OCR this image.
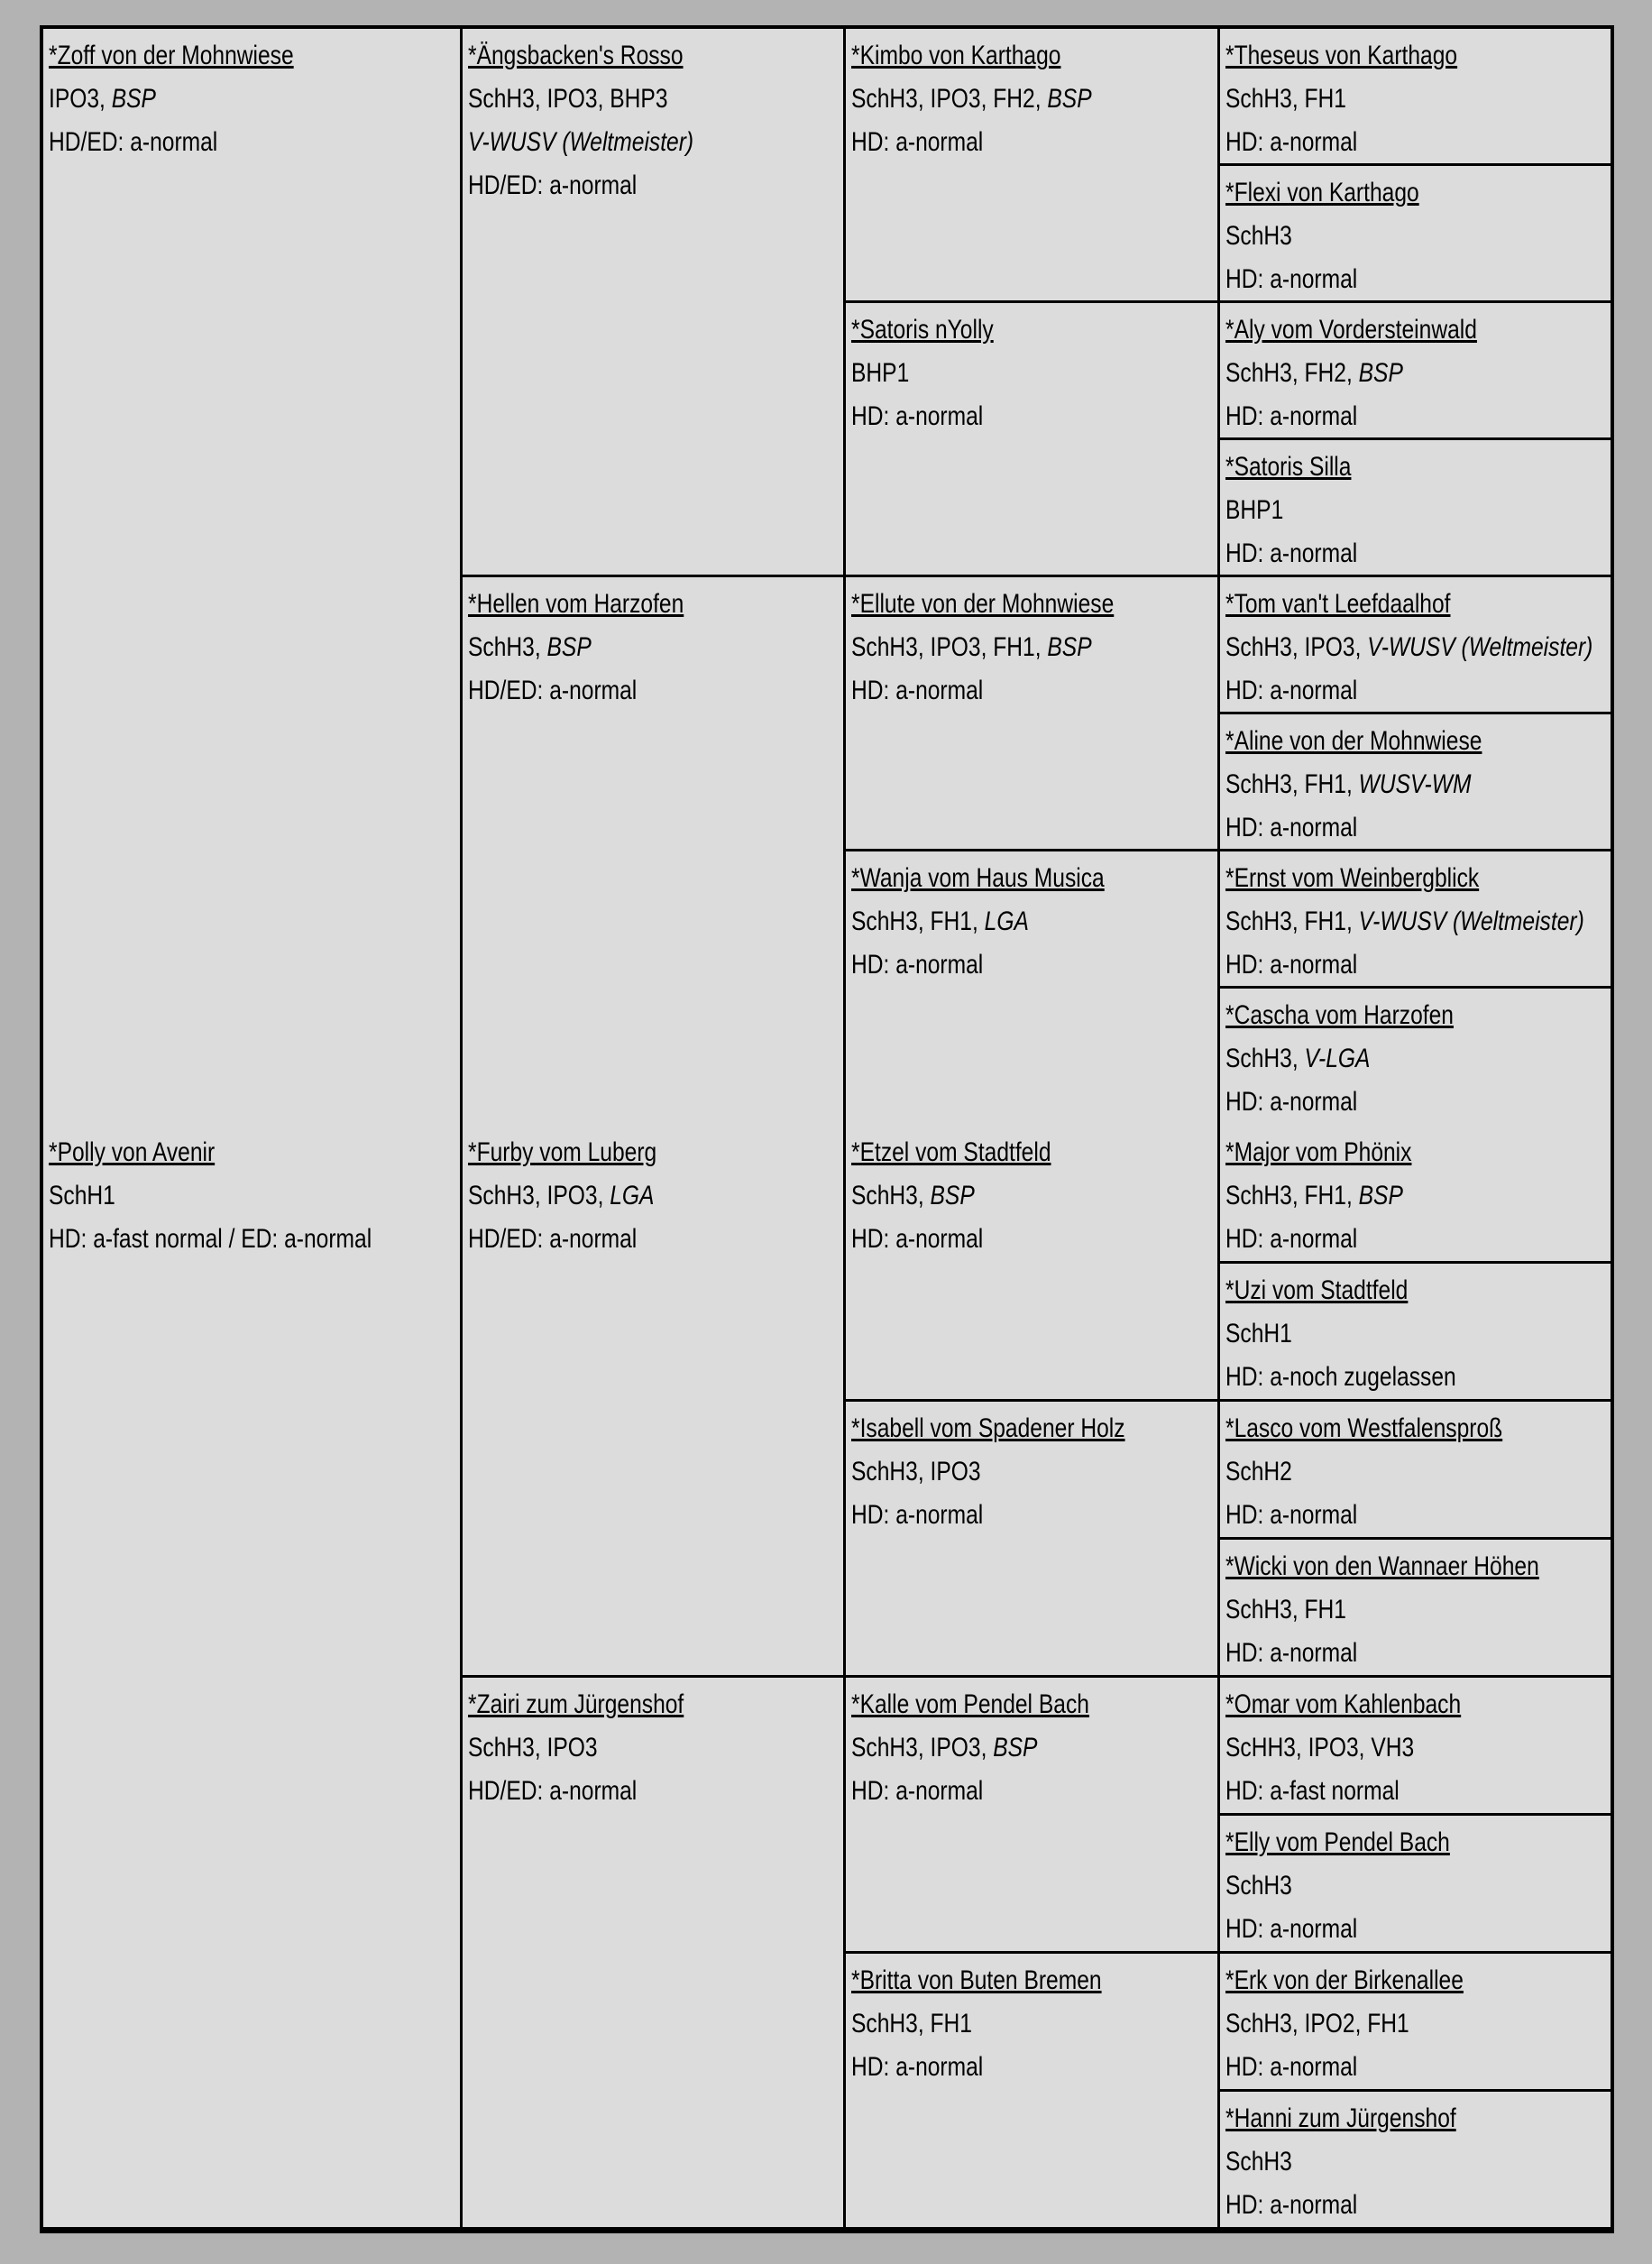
*Zoff von der Mohnwiese
IPO3, BSP
HD/ED: a-normal
*Ängsbacken's Rosso
SchH3, IPO3, BHP3
V-WUSV (Weltmeister)
HD/ED: a-normal
*Kimbo von Karthago
SchH3, IPO3, FH2, BSP
HD: a-normal
*Theseus von Karthago
SchH3, FH1
HD: a-normal
*Flexi von Karthago
SchH3
HD: a-normal
*Satoris nYolly
BHP1
HD: a-normal
*Aly vom Vordersteinwald
SchH3, FH2, BSP
HD: a-normal
*Satoris Silla
BHP1
HD: a-normal
*Hellen vom Harzofen
SchH3, BSP
HD/ED: a-normal
*Ellute von der Mohnwiese
SchH3, IPO3, FH1, BSP
HD: a-normal
*Tom van't Leefdaalhof
SchH3, IPO3, V-WUSV (Weltmeister)
HD: a-normal
*Aline von der Mohnwiese
SchH3, FH1, WUSV-WM
HD: a-normal
*Wanja vom Haus Musica
SchH3, FH1, LGA
HD: a-normal
*Ernst vom Weinbergblick
SchH3, FH1, V-WUSV (Weltmeister)
HD: a-normal
*Cascha vom Harzofen
SchH3, V-LGA
HD: a-normal
*Polly von Avenir
SchH1
HD: a-fast normal / ED: a-normal
*Furby vom Luberg
SchH3, IPO3, LGA
HD/ED: a-normal
*Etzel vom Stadtfeld
SchH3, BSP
HD: a-normal
*Major vom Phönix
SchH3, FH1, BSP
HD: a-normal
*Uzi vom Stadtfeld
SchH1
HD: a-noch zugelassen
*Isabell vom Spadener Holz
SchH3, IPO3
HD: a-normal
*Lasco vom Westfalensproß
SchH2
HD: a-normal
*Wicki von den Wannaer Höhen
SchH3, FH1
HD: a-normal
*Zairi zum Jürgenshof
SchH3, IPO3
HD/ED: a-normal
*Kalle vom Pendel Bach
SchH3, IPO3, BSP
HD: a-normal
*Omar vom Kahlenbach
ScHH3, IPO3, VH3
HD: a-fast normal
*Elly vom Pendel Bach
SchH3
HD: a-normal
*Britta von Buten Bremen
SchH3, FH1
HD: a-normal
*Erk von der Birkenallee
SchH3, IPO2, FH1
HD: a-normal
*Hanni zum Jürgenshof
SchH3
HD: a-normal
